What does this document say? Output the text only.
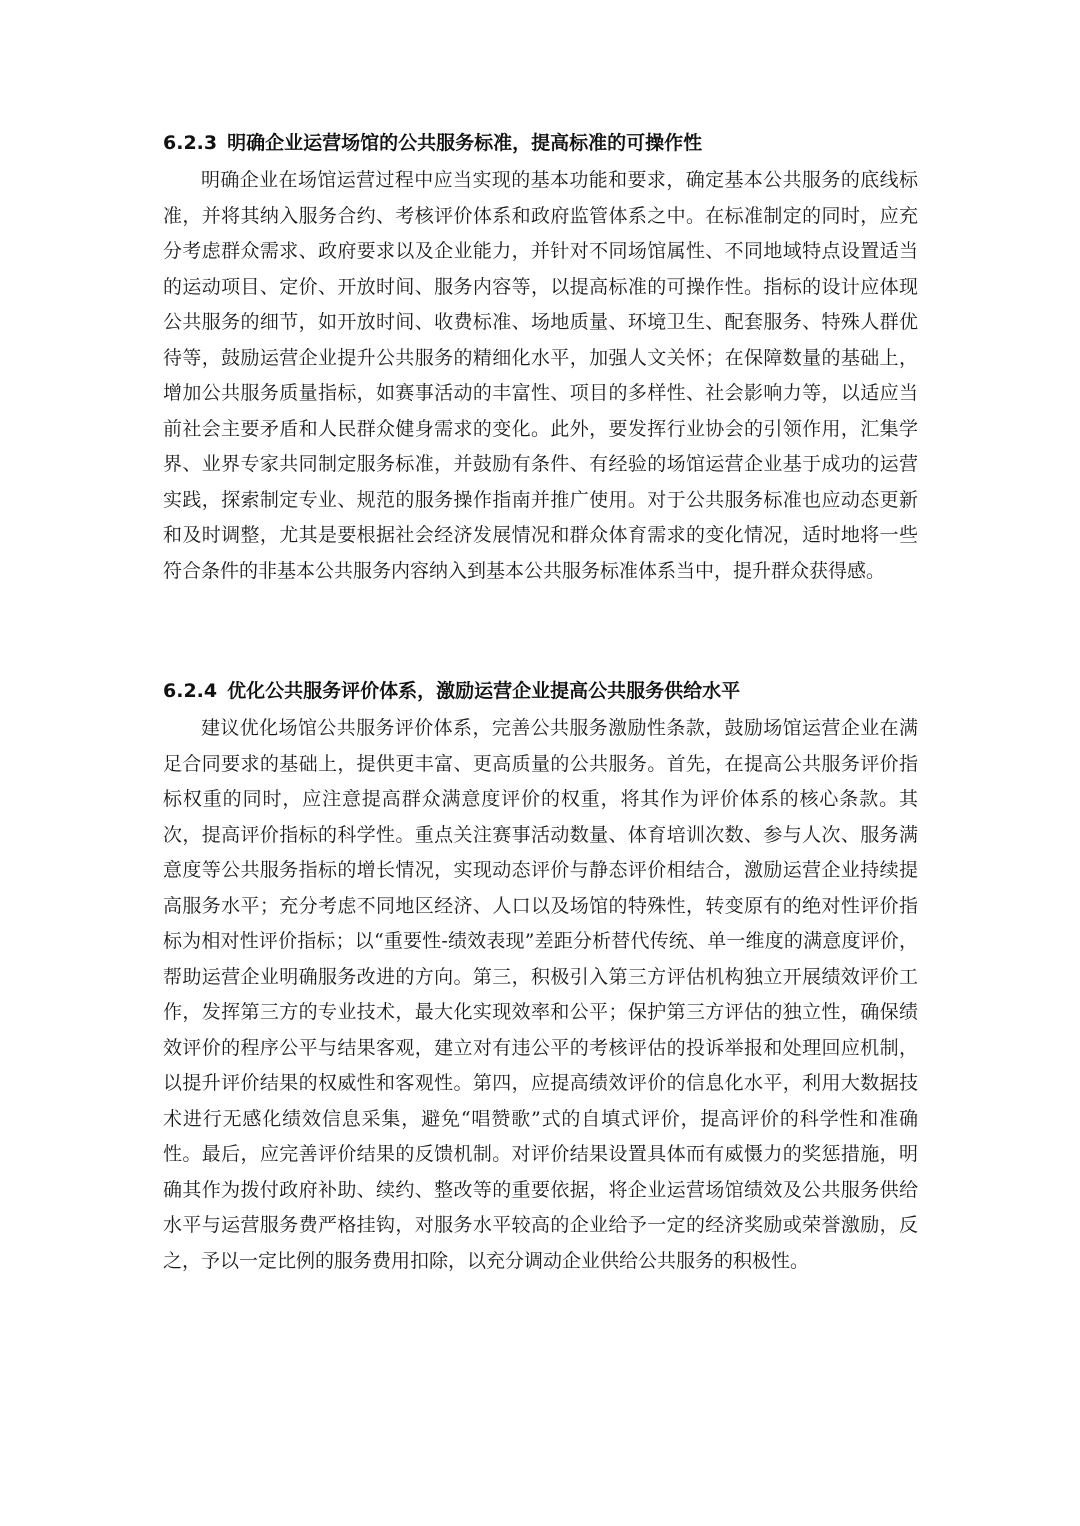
6.2.3 明确企业运营场馆的公共服务标准，提高标准的可操作性

明确企业在场馆运营过程中应当实现的基本功能和要求，确定基本公共服务的底线标准，并将其纳入服务合约、考核评价体系和政府监管体系之中。在标准制定的同时，应充分考虑群众需求、政府要求以及企业能力，并针对不同场馆属性、不同地域特点设置适当的运动项目、定价、开放时间、服务内容等，以提高标准的可操作性。指标的设计应体现公共服务的细节，如开放时间、收费标准、场地质量、环境卫生、配套服务、特殊人群优待等，鼓励运营企业提升公共服务的精细化水平，加强人文关怀；在保障数量的基础上，增加公共服务质量指标，如赛事活动的丰富性、项目的多样性、社会影响力等，以适应当前社会主要矛盾和人民群众健身需求的变化。此外，要发挥行业协会的引领作用，汇集学界、业界专家共同制定服务标准，并鼓励有条件、有经验的场馆运营企业基于成功的运营实践，探索制定专业、规范的服务操作指南并推广使用。对于公共服务标准也应动态更新和及时调整，尤其是要根据社会经济发展情况和群众体育需求的变化情况，适时地将一些符合条件的非基本公共服务内容纳入到基本公共服务标准体系当中，提升群众获得感。

6.2.4 优化公共服务评价体系，激励运营企业提高公共服务供给水平

建议优化场馆公共服务评价体系，完善公共服务激励性条款，鼓励场馆运营企业在满足合同要求的基础上，提供更丰富、更高质量的公共服务。首先，在提高公共服务评价指标权重的同时，应注意提高群众满意度评价的权重，将其作为评价体系的核心条款。其次，提高评价指标的科学性。重点关注赛事活动数量、体育培训次数、参与人次、服务满意度等公共服务指标的增长情况，实现动态评价与静态评价相结合，激励运营企业持续提高服务水平；充分考虑不同地区经济、人口以及场馆的特殊性，转变原有的绝对性评价指标为相对性评价指标；以“重要性-绩效表现”差距分析替代传统、单一维度的满意度评价，帮助运营企业明确服务改进的方向。第三，积极引入第三方评估机构独立开展绩效评价工作，发挥第三方的专业技术，最大化实现效率和公平；保护第三方评估的独立性，确保绩效评价的程序公平与结果客观，建立对有违公平的考核评估的投诉举报和处理回应机制，以提升评价结果的权威性和客观性。第四，应提高绩效评价的信息化水平，利用大数据技术进行无感化绩效信息采集，避免“唱赞歌”式的自填式评价，提高评价的科学性和准确性。最后，应完善评价结果的反馈机制。对评价结果设置具体而有威慑力的奖惩措施，明确其作为拨付政府补助、续约、整改等的重要依据，将企业运营场馆绩效及公共服务供给水平与运营服务费严格挂钩，对服务水平较高的企业给予一定的经济奖励或荣誉激励，反之，予以一定比例的服务费用扣除，以充分调动企业供给公共服务的积极性。
